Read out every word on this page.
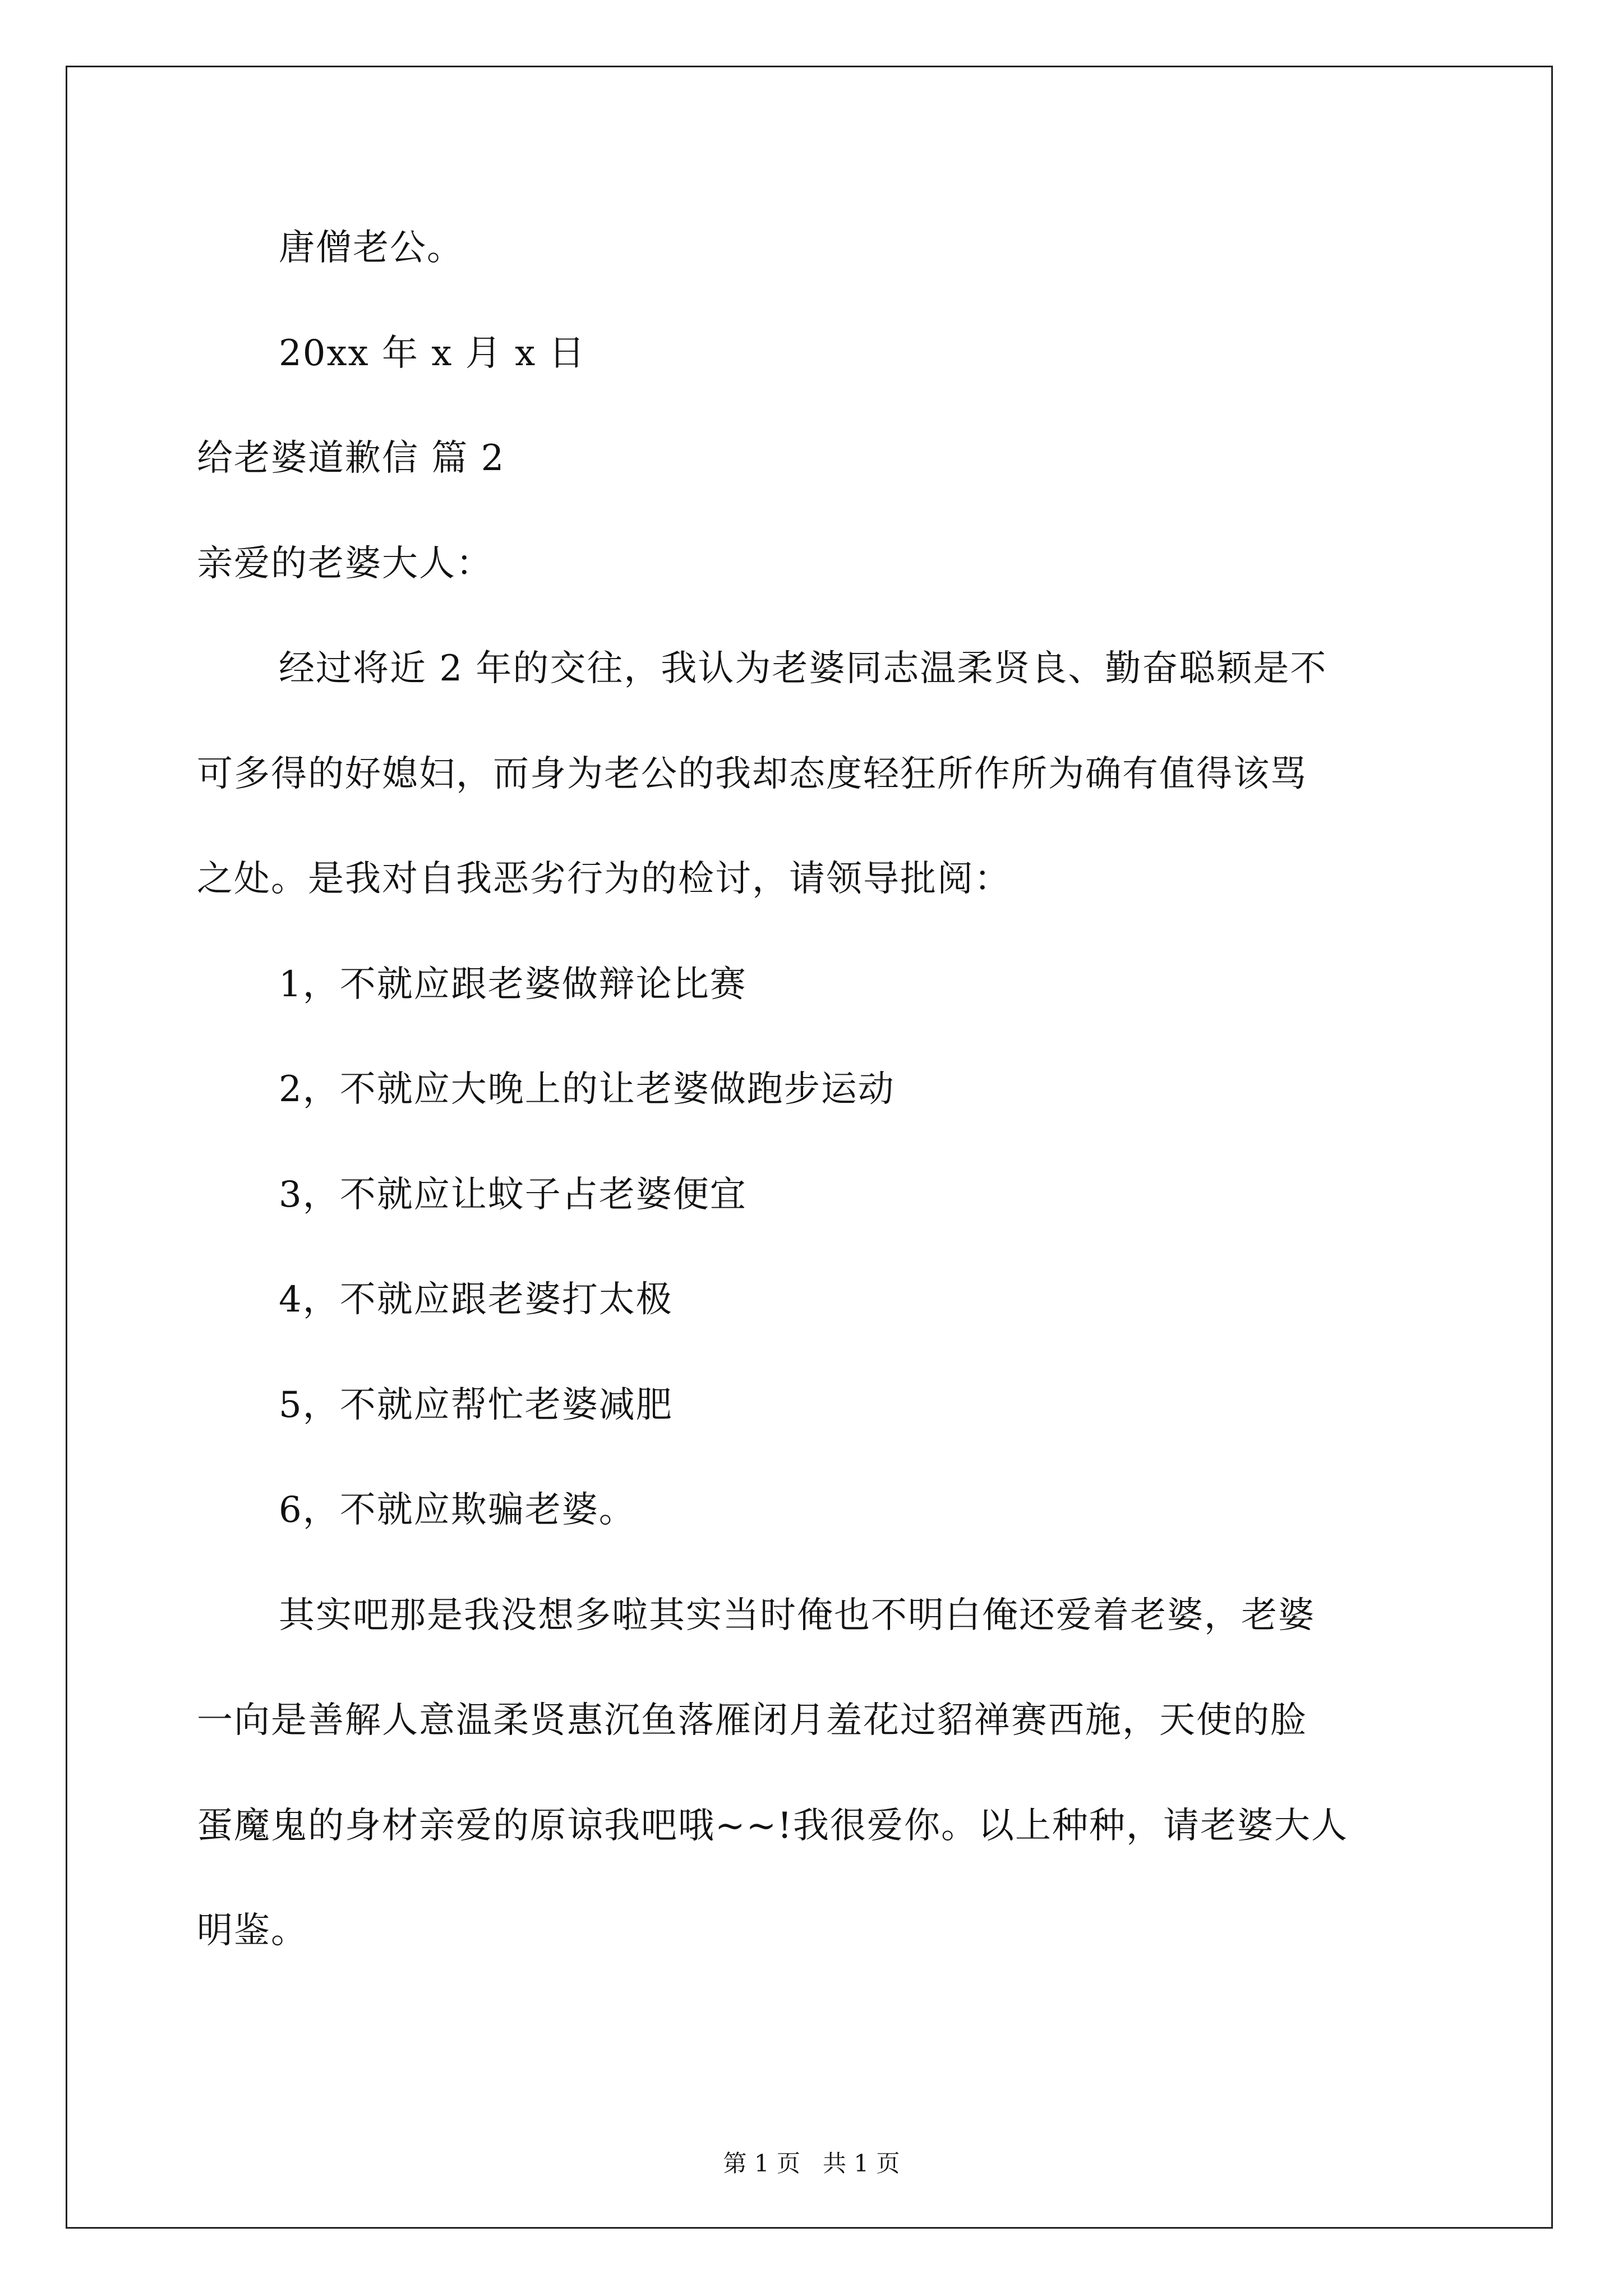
唐僧老公。
20xx 年 x 月 x 日
给老婆道歉信 篇 2
亲爱的老婆大人：
经过将近 2 年的交往，我认为老婆同志温柔贤良、勤奋聪颖是不
可多得的好媳妇，而身为老公的我却态度轻狂所作所为确有值得该骂
之处。是我对自我恶劣行为的检讨，请领导批阅：
1，不就应跟老婆做辩论比赛
2，不就应大晚上的让老婆做跑步运动
3，不就应让蚊子占老婆便宜
4，不就应跟老婆打太极
5，不就应帮忙老婆减肥
6，不就应欺骗老婆。
其实吧那是我没想多啦其实当时俺也不明白俺还爱着老婆，老婆
一向是善解人意温柔贤惠沉鱼落雁闭月羞花过貂禅赛西施，天使的脸
蛋魔鬼的身材亲爱的原谅我吧哦~~!我很爱你。以上种种，请老婆大人
明鉴。
第 1 页   共 1 页
